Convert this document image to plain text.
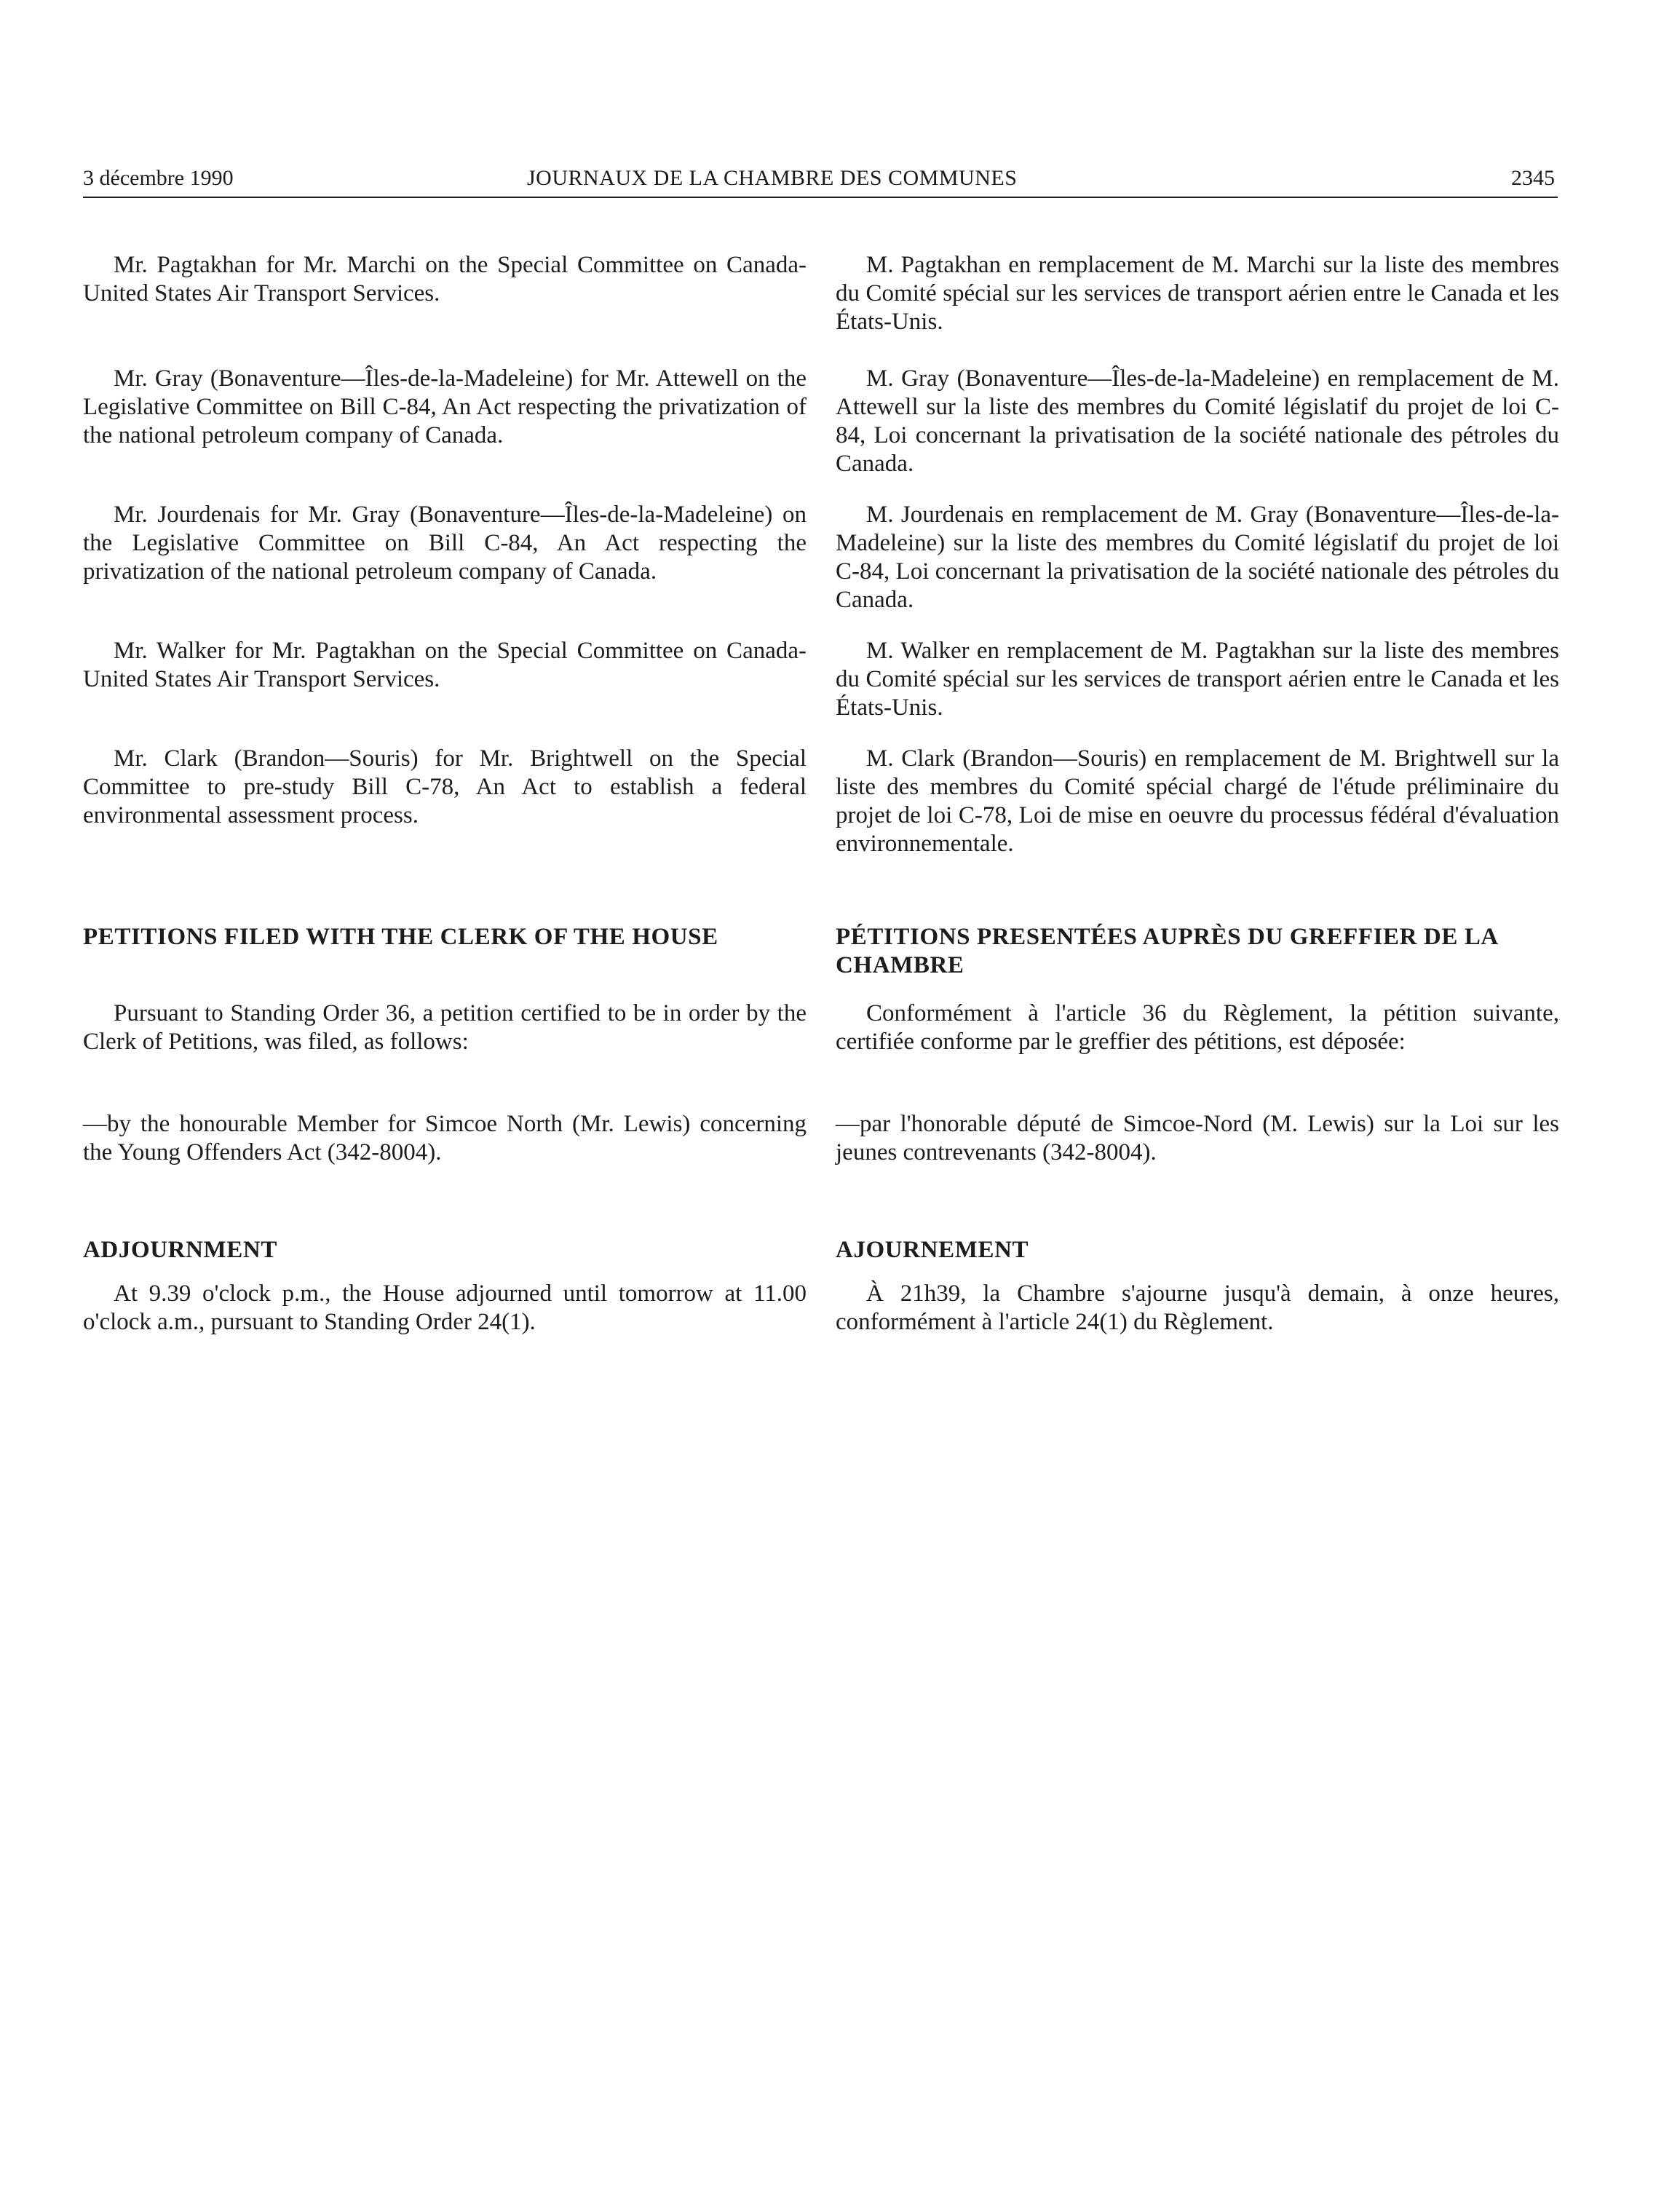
3 décembre 1990	JOURNAUX DE LA CHAMBRE DES COMMUNES	2345

Mr. Pagtakhan for Mr. Marchi on the Special Committee on Canada-United States Air Transport Services.

Mr. Gray (Bonaventure—Îles-de-la-Madeleine) for Mr. Attewell on the Legislative Committee on Bill C-84, An Act respecting the privatization of the national petroleum company of Canada.

Mr. Jourdenais for Mr. Gray (Bonaventure—Îles-de-la-Madeleine) on the Legislative Committee on Bill C-84, An Act respecting the privatization of the national petroleum company of Canada.

Mr. Walker for Mr. Pagtakhan on the Special Committee on Canada-United States Air Transport Services.

Mr. Clark (Brandon—Souris) for Mr. Brightwell on the Special Committee to pre-study Bill C-78, An Act to establish a federal environmental assessment process.

PETITIONS FILED WITH THE CLERK OF THE HOUSE

Pursuant to Standing Order 36, a petition certified to be in order by the Clerk of Petitions, was filed, as follows:

—by the honourable Member for Simcoe North (Mr. Lewis) concerning the Young Offenders Act (342-8004).

ADJOURNMENT

At 9.39 o'clock p.m., the House adjourned until tomorrow at 11.00 o'clock a.m., pursuant to Standing Order 24(1).

M. Pagtakhan en remplacement de M. Marchi sur la liste des membres du Comité spécial sur les services de transport aérien entre le Canada et les États-Unis.

M. Gray (Bonaventure—Îles-de-la-Madeleine) en remplacement de M. Attewell sur la liste des membres du Comité législatif du projet de loi C-84, Loi concernant la privatisation de la société nationale des pétroles du Canada.

M. Jourdenais en remplacement de M. Gray (Bonaventure—Îles-de-la-Madeleine) sur la liste des membres du Comité législatif du projet de loi C-84, Loi concernant la privatisation de la société nationale des pétroles du Canada.

M. Walker en remplacement de M. Pagtakhan sur la liste des membres du Comité spécial sur les services de transport aérien entre le Canada et les États-Unis.

M. Clark (Brandon—Souris) en remplacement de M. Brightwell sur la liste des membres du Comité spécial chargé de l'étude préliminaire du projet de loi C-78, Loi de mise en oeuvre du processus fédéral d'évaluation environnementale.

PÉTITIONS PRESENTÉES AUPRÈS DU GREFFIER DE LA CHAMBRE

Conformément à l'article 36 du Règlement, la pétition suivante, certifiée conforme par le greffier des pétitions, est déposée:

—par l'honorable député de Simcoe-Nord (M. Lewis) sur la Loi sur les jeunes contrevenants (342-8004).

AJOURNEMENT

À 21h39, la Chambre s'ajourne jusqu'à demain, à onze heures, conformément à l'article 24(1) du Règlement.
